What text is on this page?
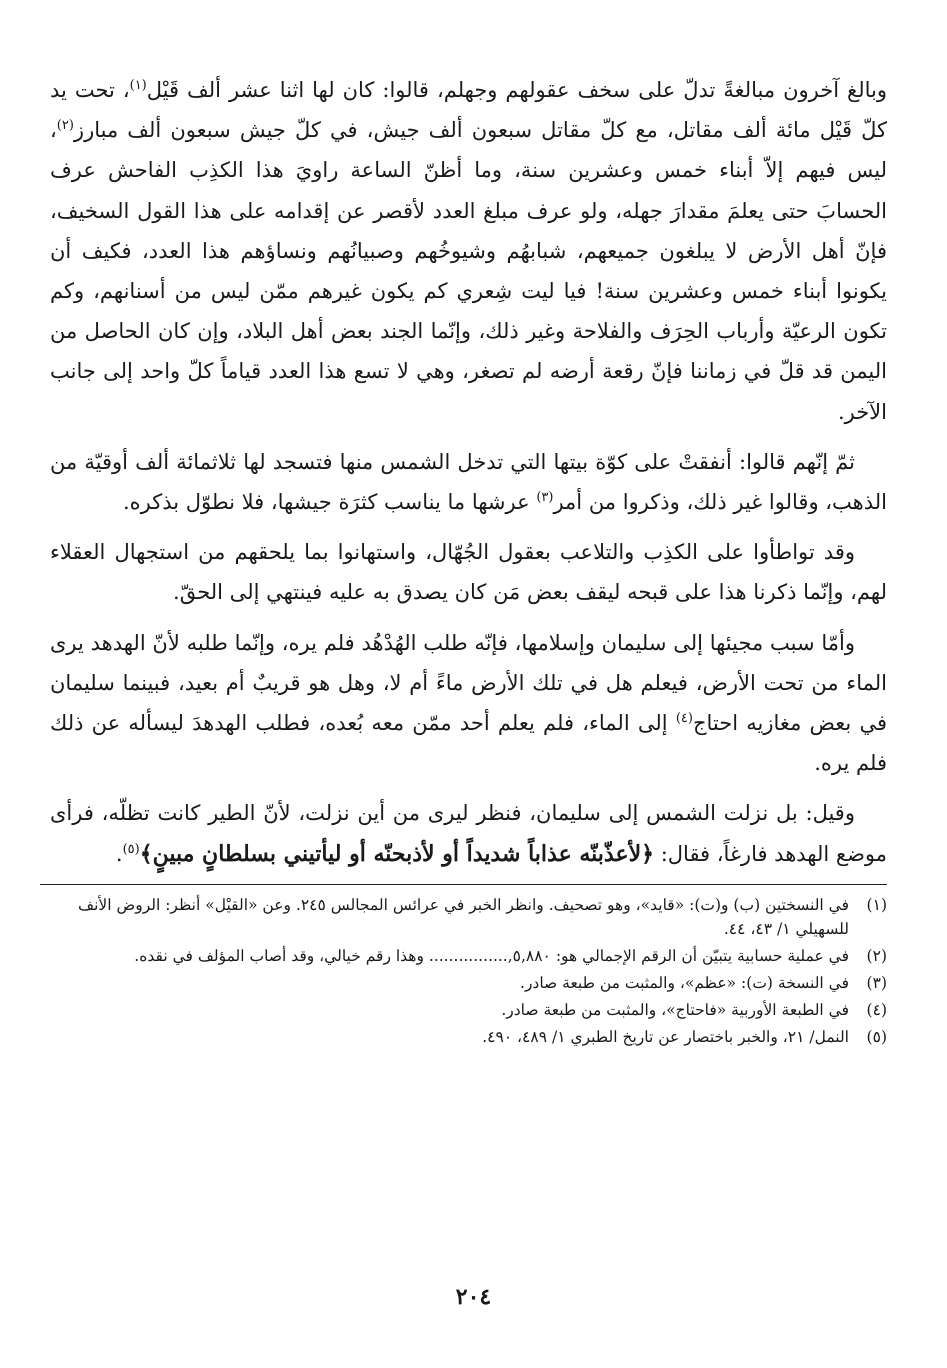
وبالغ آخرون مبالغةً تدلّ على سخف عقولهم وجهلم، قالوا: كان لها اثنا عشر ألف قَيْل$^{(١)}$، تحت يد كلّ قَيْل مائة ألف مقاتل، مع كلّ مقاتل سبعون ألف جيش، في كلّ جيش سبعون ألف مبارز$^{(٢)}$، ليس فيهم إلاّ أبناء خمس وعشرين سنة، وما أظنّ الساعة راويَ هذا الكذِب الفاحش عرف الحسابَ حتى يعلمَ مقدارَ جهله، ولو عرف مبلغ العدد لأقصر عن إقدامه على هذا القول السخيف، فإنّ أهل الأرض لا يبلغون جميعهم، شبابهُم وشيوخُهم وصبيانُهم ونساؤهم هذا العدد، فكيف أن يكونوا أبناء خمس وعشرين سنة! فيا ليت شِعري كم يكون غيرهم ممّن ليس من أسنانهم، وكم تكون الرعيّة وأرباب الحِرَف والفلاحة وغير ذلك، وإنّما الجند بعض أهل البلاد، وإن كان الحاصل من اليمن قد قلّ في زماننا فإنّ رقعة أرضه لم تصغر، وهي لا تسع هذا العدد قياماً كلّ واحد إلى جانب الآخر.

ثمّ إنّهم قالوا: أنفقتْ على كوّة بيتها التي تدخل الشمس منها فتسجد لها ثلاثمائة ألف أوقيّة من الذهب، وقالوا غير ذلك، وذكروا من أمر$^{(٣)}$ عرشها ما يناسب كثرَة جيشها، فلا نطوّل بذكره.

وقد تواطأوا على الكذِب والتلاعب بعقول الجُهّال، واستهانوا بما يلحقهم من استجهال العقلاء لهم، وإنّما ذكرنا هذا على قبحه ليقف بعض مَن كان يصدق به عليه فينتهي إلى الحقّ.

وأمّا سبب مجيئها إلى سليمان وإسلامها، فإنّه طلب الهُدْهُد فلم يره، وإنّما طلبه لأنّ الهدهد يرى الماء من تحت الأرض، فيعلم هل في تلك الأرض ماءً أم لا، وهل هو قريبٌ أم بعيد، فبينما سليمان في بعض مغازيه احتاج$^{(٤)}$ إلى الماء، فلم يعلم أحد ممّن معه بُعده، فطلب الهدهدَ ليسأله عن ذلك فلم يره.

وقيل: بل نزلت الشمس إلى سليمان، فنظر ليرى من أين نزلت، لأنّ الطير كانت تظلّه، فرأى موضع الهدهد فارغاً، فقال: ﴿لأعذّبنّه عذاباً شديداً أو لأذبحنّه أو ليأتيني بسلطانٍ مبينٍ﴾$^{(٥)}$.

(١)
في النسختين (ب) و(ت): «قايد»، وهو تصحيف. وانظر الخبر في عرائس المجالس ٢٤٥. وعن «القيْل» أنظر: الروض الأنف للسهيلي ١/ ٤٣، ٤٤.
(٢)
في عملية حسابية يتبيّن أن الرقم الإجمالي هو: ٥,٨٨٠,................ وهذا رقم خيالي، وقد أصاب المؤلف في نقده.
(٣)
في النسخة (ت): «عظم»، والمثبت من طبعة صادر.
(٤)
في الطبعة الأوربية «فاحتاج»، والمثبت من طبعة صادر.
(٥)
النمل/ ٢١، والخبر باختصار عن تاريخ الطبري ١/ ٤٨٩، ٤٩٠.
٢٠٤
